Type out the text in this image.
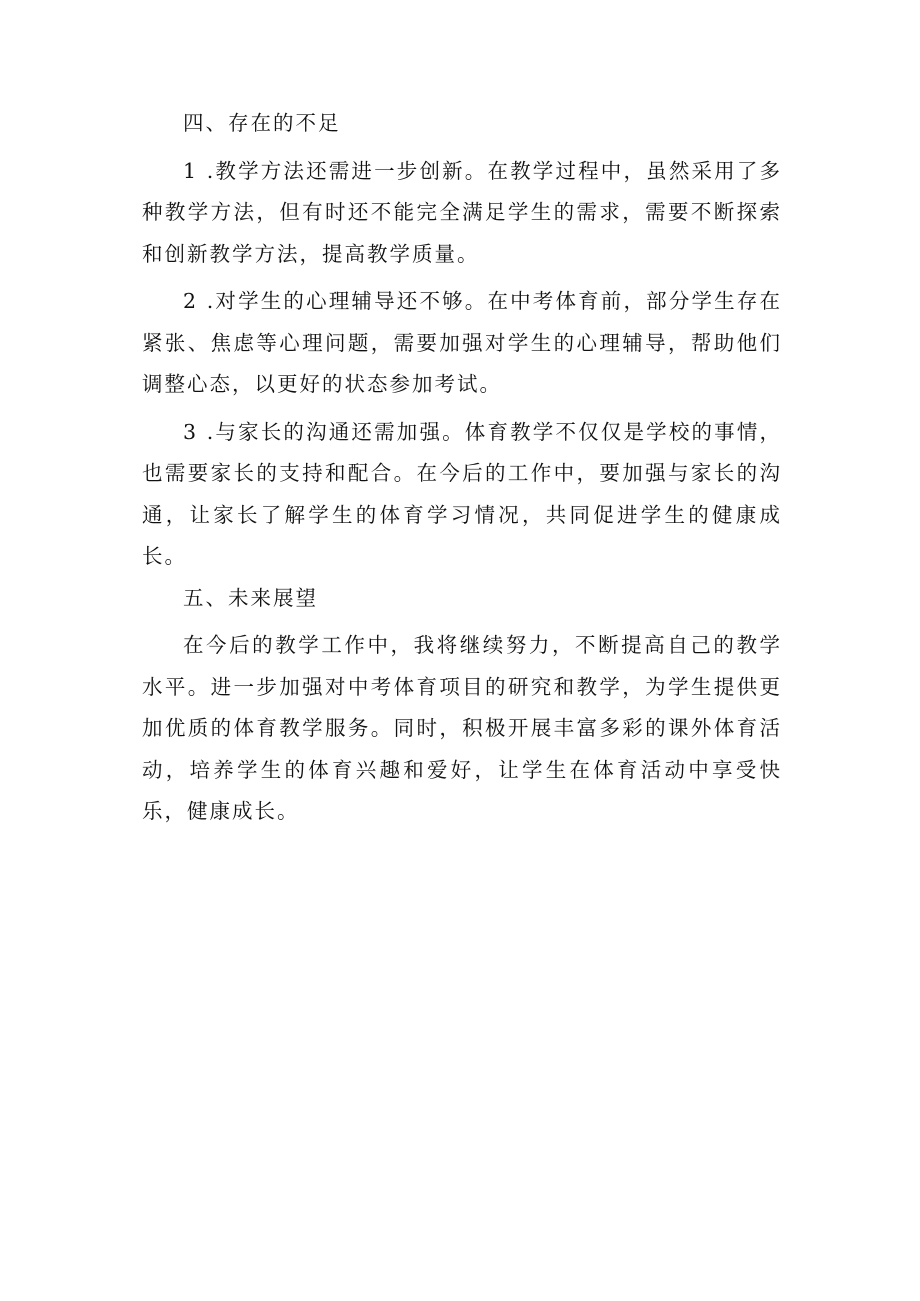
四、存在的不足

1 .教学方法还需进一步创新。在教学过程中，虽然采用了多种教学方法，但有时还不能完全满足学生的需求，需要不断探索和创新教学方法，提高教学质量。

2 .对学生的心理辅导还不够。在中考体育前，部分学生存在紧张、焦虑等心理问题，需要加强对学生的心理辅导，帮助他们调整心态，以更好的状态参加考试。

3 .与家长的沟通还需加强。体育教学不仅仅是学校的事情，也需要家长的支持和配合。在今后的工作中，要加强与家长的沟通，让家长了解学生的体育学习情况，共同促进学生的健康成长。

五、未来展望

在今后的教学工作中，我将继续努力，不断提高自己的教学水平。进一步加强对中考体育项目的研究和教学，为学生提供更加优质的体育教学服务。同时，积极开展丰富多彩的课外体育活动，培养学生的体育兴趣和爱好，让学生在体育活动中享受快乐，健康成长。
